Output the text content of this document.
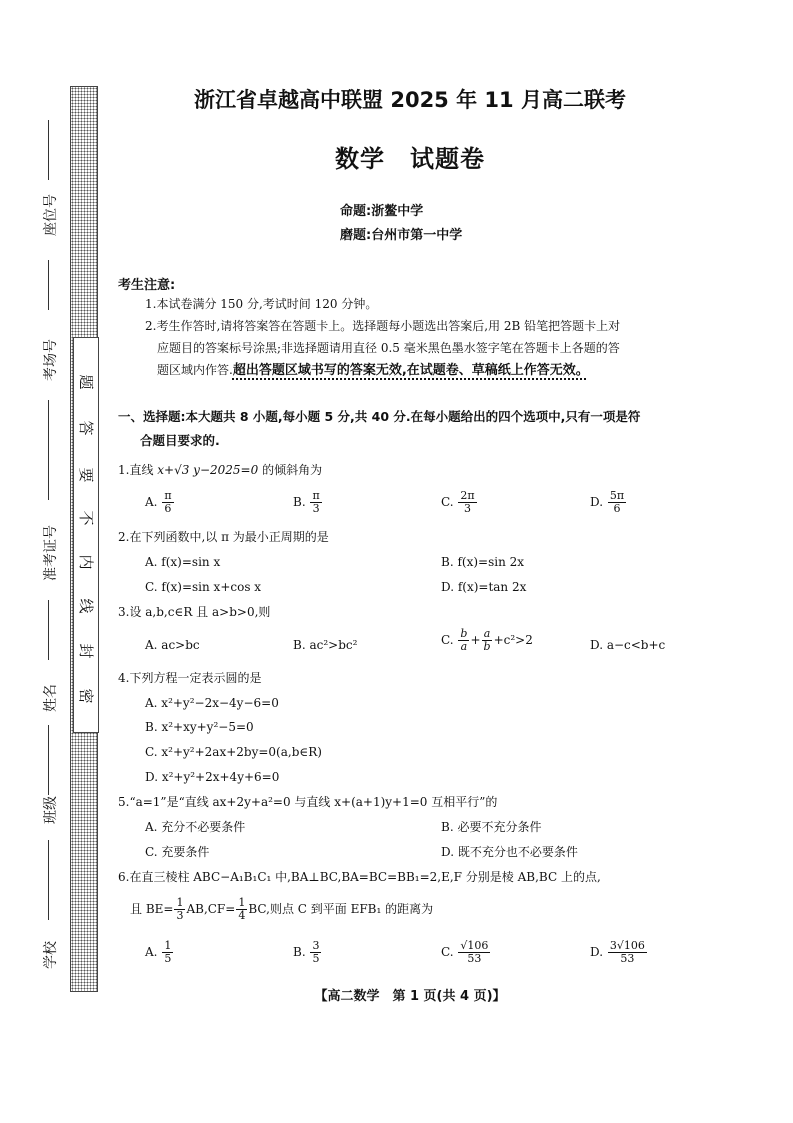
座位号
考场号
准考证号
姓名
班级
学校
题
答
要
不
内
线
封
密
浙江省卓越高中联盟 2025 年 11 月高二联考
数学　试题卷
命题:浙鳌中学
磨题:台州市第一中学
考生注意:
1.本试卷满分 150 分,考试时间 120 分钟。
2.考生作答时,请将答案答在答题卡上。选择题每小题选出答案后,用 2B 铅笔把答题卡上对
应题目的答案标号涂黑;非选择题请用直径 0.5 毫米黑色墨水签字笔在答题卡上各题的答
题区域内作答.超出答题区域书写的答案无效,在试题卷、草稿纸上作答无效。
一、选择题:本大题共 8 小题,每小题 5 分,共 40 分.在每小题给出的四个选项中,只有一项是符
合题目要求的.
1.直线 x+√3 y−2025=0 的倾斜角为
A. $\frac{\pi}{6}$	B. $\frac{\pi}{3}$	C. $\frac{2\pi}{3}$	D. $\frac{5\pi}{6}$
2.在下列函数中,以 π 为最小正周期的是
A. f(x)=sin x	B. f(x)=sin 2x
C. f(x)=sin x+cos x	D. f(x)=tan 2x
3.设 a,b,c∈R 且 a>b>0,则
A. ac>bc	B. ac²>bc²	C. $\frac{b}{a} + \frac{a}{b} +c^2>2$	D. a−c<b+c
4.下列方程一定表示圆的是
A. x²+y²−2x−4y−6=0
B. x²+xy+y²−5=0
C. x²+y²+2ax+2by=0(a,b∈R)
D. x²+y²+2x+4y+6=0
5.“a=1”是“直线 ax+2y+a²=0 与直线 x+(a+1)y+1=0 互相平行”的
A. 充分不必要条件	B. 必要不充分条件
C. 充要条件	D. 既不充分也不必要条件
6.在直三棱柱 ABC−A₁B₁C₁ 中,BA⊥BC,BA=BC=BB₁=2,E,F 分别是棱 AB,BC 上的点,
且 $BE= \frac{1}{3} AB,CF= \frac{1}{4}$ BC,则点 C 到平面 EFB₁ 的距离为
A. $\frac{1}{5}$	B. $\frac{3}{5}$	C. $\frac{√106}{53}$	D. $\frac{3√106}{53}$
【高二数学　第 1 页(共 4 页)】
